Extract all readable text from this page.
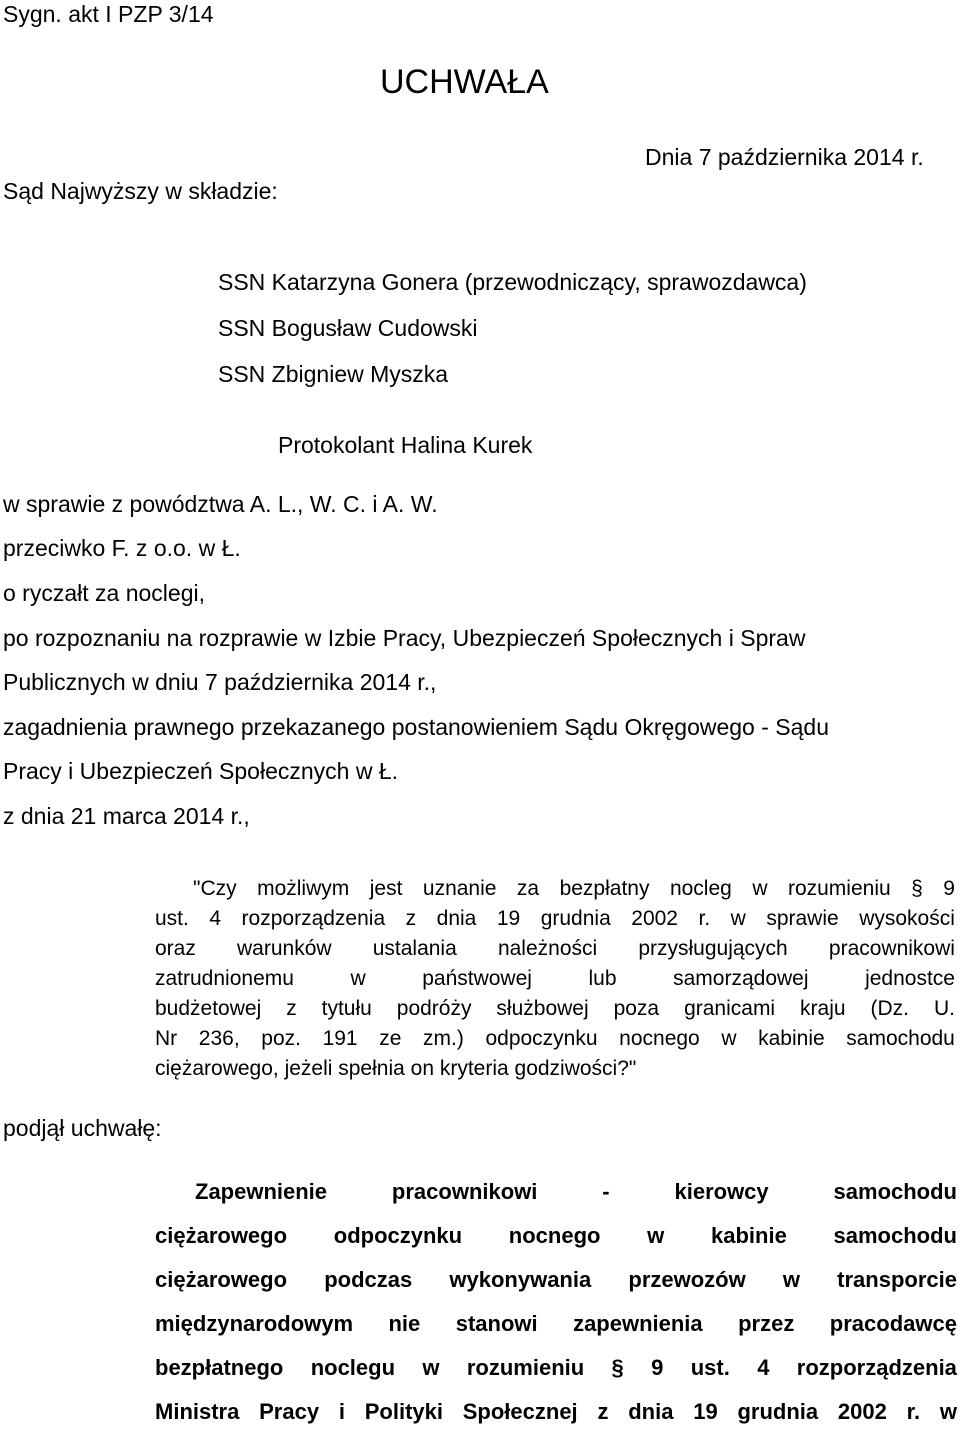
Sygn. akt I PZP 3/14
UCHWAŁA
Dnia 7 października 2014 r.
Sąd Najwyższy w składzie:
SSN Katarzyna Gonera (przewodniczący, sprawozdawca)
SSN Bogusław Cudowski
SSN Zbigniew Myszka
Protokolant Halina Kurek
w sprawie z powództwa A. L., W. C. i A. W.
przeciwko F. z o.o. w Ł.
o ryczałt za noclegi,
po rozpoznaniu na rozprawie w Izbie Pracy, Ubezpieczeń Społecznych i Spraw
Publicznych w dniu 7 października 2014 r.,
zagadnienia prawnego przekazanego postanowieniem Sądu Okręgowego - Sądu
Pracy i Ubezpieczeń Społecznych w Ł.
z dnia 21 marca 2014 r.,
"Czy możliwym jest uznanie za bezpłatny nocleg w rozumieniu § 9
ust. 4 rozporządzenia z dnia 19 grudnia 2002 r. w sprawie wysokości
oraz warunków ustalania należności przysługujących pracownikowi
zatrudnionemu	w	państwowej	lub	samorządowej	jednostce
budżetowej z tytułu podróży służbowej poza granicami kraju (Dz. U.
Nr 236, poz. 191 ze zm.) odpoczynku nocnego w kabinie samochodu
ciężarowego, jeżeli spełnia on kryteria godziwości?"
podjął uchwałę:
Zapewnienie	pracownikowi	-	kierowcy	samochodu
ciężarowego odpoczynku nocnego w kabinie samochodu
ciężarowego podczas wykonywania przewozów w transporcie
międzynarodowym nie stanowi zapewnienia przez pracodawcę
bezpłatnego noclegu w rozumieniu § 9 ust. 4 rozporządzenia
Ministra Pracy i Polityki Społecznej z dnia 19 grudnia 2002 r. w
